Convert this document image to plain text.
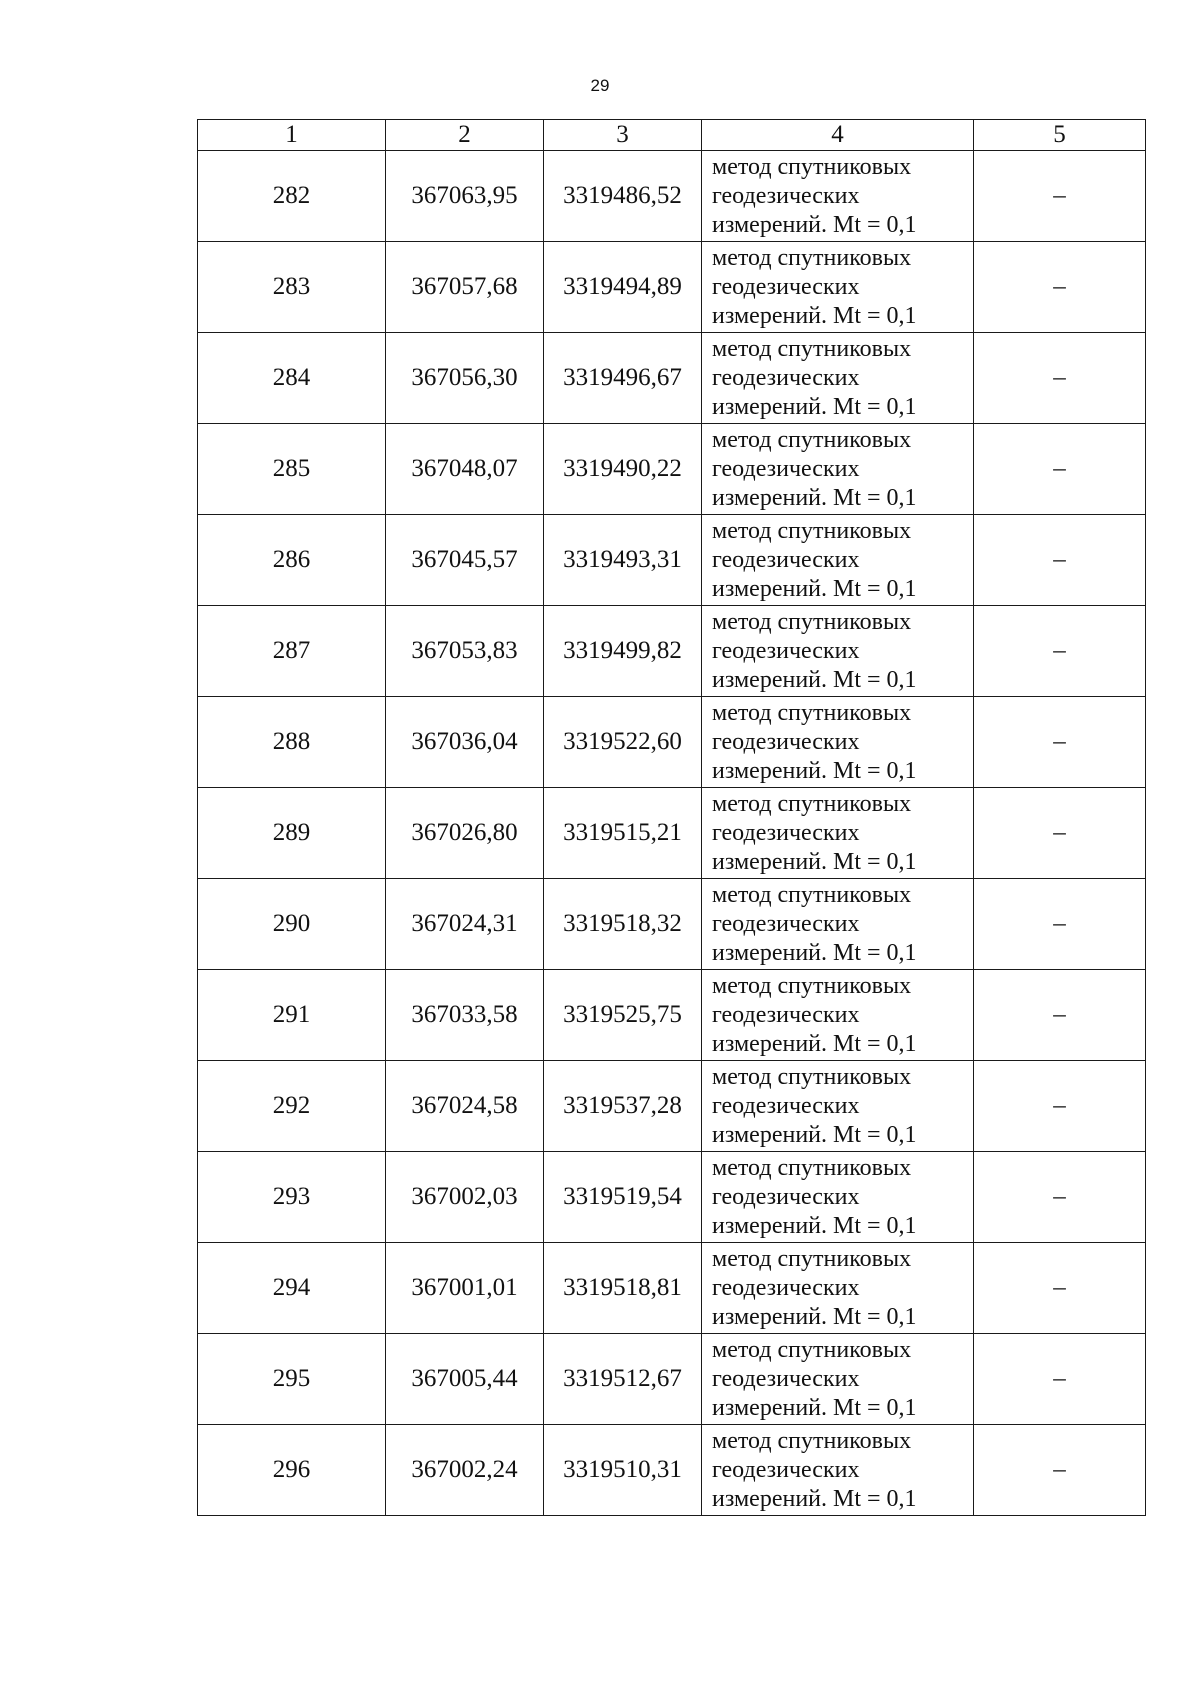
29
1	2	3	4	5
282	367063,95	3319486,52	метод спутниковых
геодезических
измерений. Mt = 0,1	–
283	367057,68	3319494,89	метод спутниковых
геодезических
измерений. Mt = 0,1	–
284	367056,30	3319496,67	метод спутниковых
геодезических
измерений. Mt = 0,1	–
285	367048,07	3319490,22	метод спутниковых
геодезических
измерений. Mt = 0,1	–
286	367045,57	3319493,31	метод спутниковых
геодезических
измерений. Mt = 0,1	–
287	367053,83	3319499,82	метод спутниковых
геодезических
измерений. Mt = 0,1	–
288	367036,04	3319522,60	метод спутниковых
геодезических
измерений. Mt = 0,1	–
289	367026,80	3319515,21	метод спутниковых
геодезических
измерений. Mt = 0,1	–
290	367024,31	3319518,32	метод спутниковых
геодезических
измерений. Mt = 0,1	–
291	367033,58	3319525,75	метод спутниковых
геодезических
измерений. Mt = 0,1	–
292	367024,58	3319537,28	метод спутниковых
геодезических
измерений. Mt = 0,1	–
293	367002,03	3319519,54	метод спутниковых
геодезических
измерений. Mt = 0,1	–
294	367001,01	3319518,81	метод спутниковых
геодезических
измерений. Mt = 0,1	–
295	367005,44	3319512,67	метод спутниковых
геодезических
измерений. Mt = 0,1	–
296	367002,24	3319510,31	метод спутниковых
геодезических
измерений. Mt = 0,1	–
